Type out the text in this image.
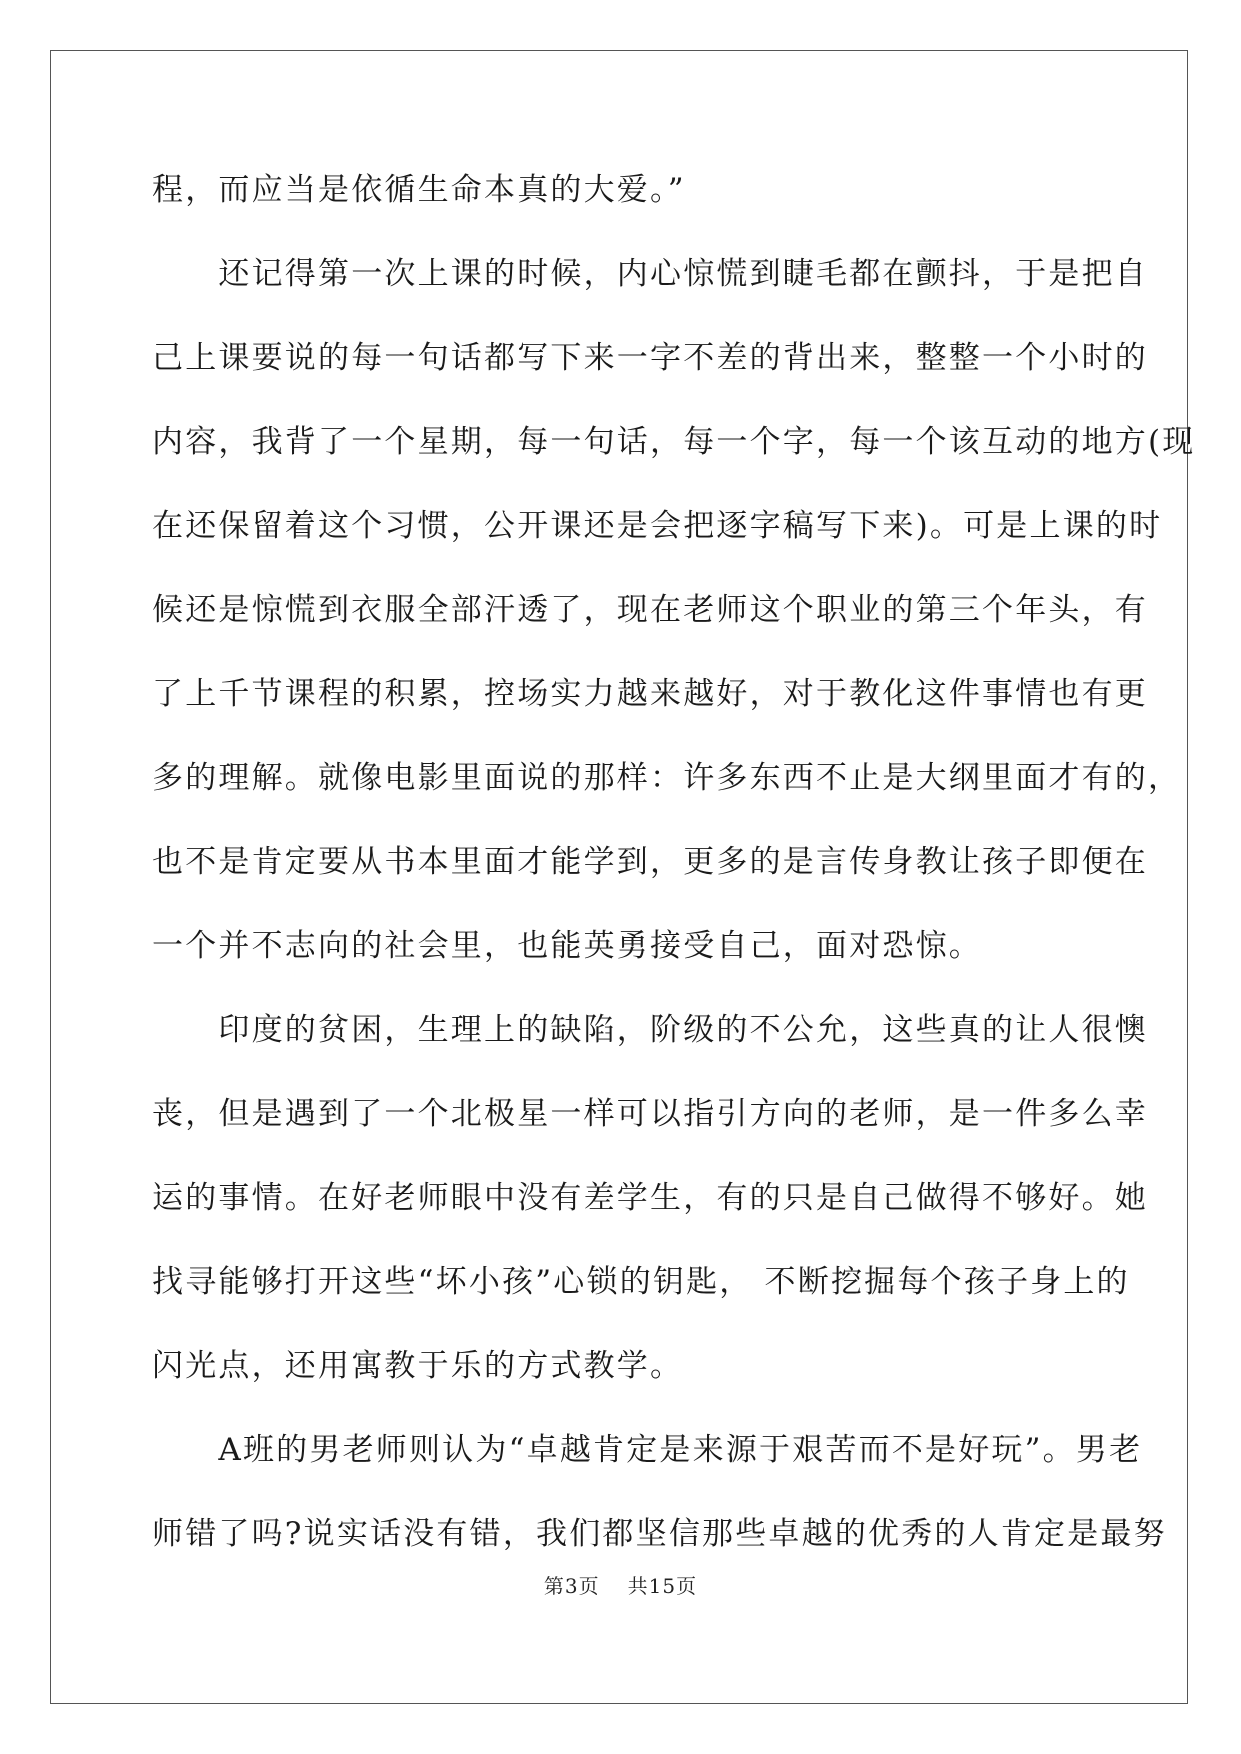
程，而应当是依循生命本真的大爱。”
　　还记得第一次上课的时候，内心惊慌到睫毛都在颤抖，于是把自
己上课要说的每一句话都写下来一字不差的背出来，整整一个小时的
内容，我背了一个星期，每一句话，每一个字，每一个该互动的地方(现
在还保留着这个习惯，公开课还是会把逐字稿写下来)。可是上课的时
候还是惊慌到衣服全部汗透了，现在老师这个职业的第三个年头，有
了上千节课程的积累，控场实力越来越好，对于教化这件事情也有更
多的理解。就像电影里面说的那样：许多东西不止是大纲里面才有的，
也不是肯定要从书本里面才能学到，更多的是言传身教让孩子即便在
一个并不志向的社会里，也能英勇接受自己，面对恐惊。
　　印度的贫困，生理上的缺陷，阶级的不公允，这些真的让人很懊
丧，但是遇到了一个北极星一样可以指引方向的老师，是一件多么幸
运的事情。在好老师眼中没有差学生，有的只是自己做得不够好。她
找寻能够打开这些“坏小孩”心锁的钥匙， 不断挖掘每个孩子身上的
闪光点，还用寓教于乐的方式教学。
　　A班的男老师则认为“卓越肯定是来源于艰苦而不是好玩”。男老
师错了吗?说实话没有错，我们都坚信那些卓越的优秀的人肯定是最努
第3页 共15页
